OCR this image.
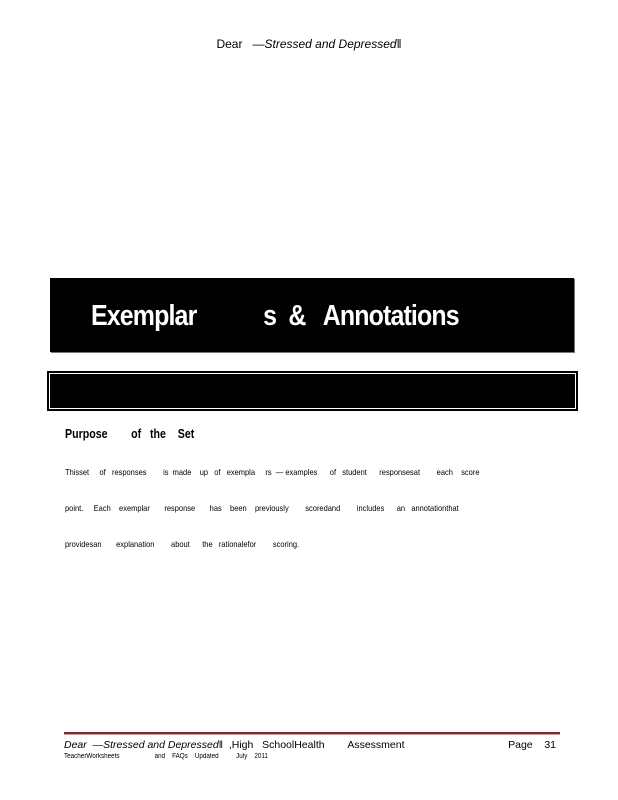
Dear —Stressed and Depressed‖
Exemplar           s  &   Annotations
Purpose        of   the    Set

Thisset     of   responses        is  made    up   of   exempla     rs  — examples      of   student      responsesat        each    score

point.     Each    exemplar       response       has    been    previously        scoredand        includes      an   annotationthat

providesan       explanation        about      the   rationalefor        scoring.

Dear  —Stressed and Depressed‖  ,High   SchoolHealth        Assessment	Page    31
TeacherWorksheets                    and    FAQs    Updated          July    2011
